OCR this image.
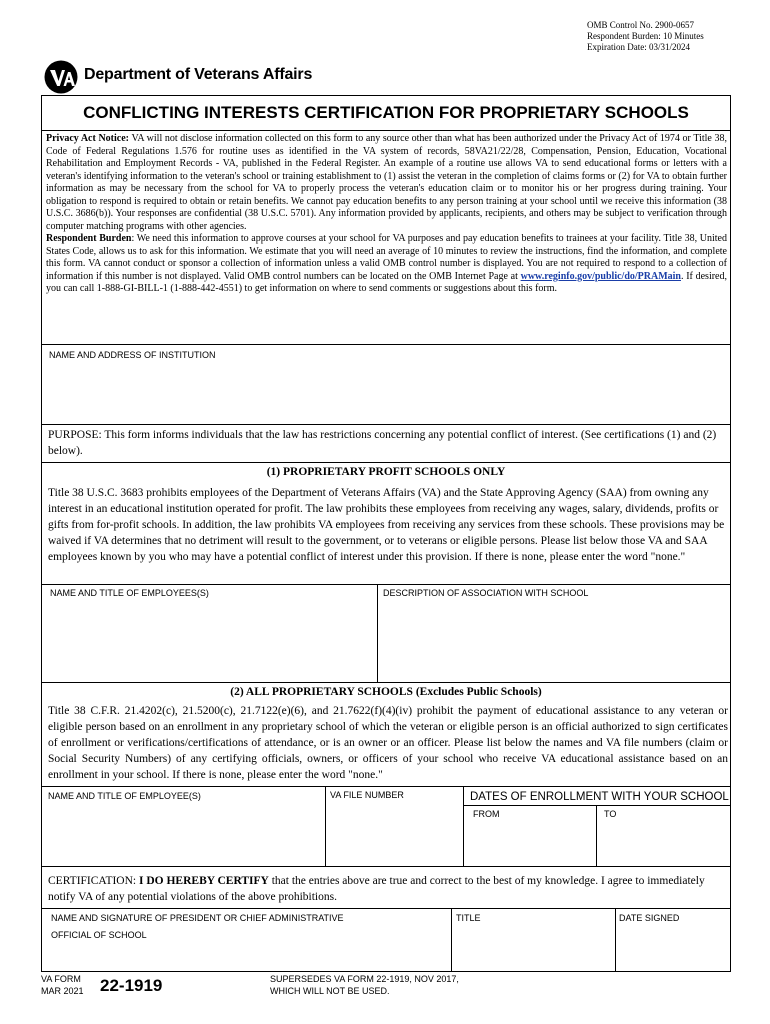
OMB Control No. 2900-0657
Respondent Burden: 10 Minutes
Expiration Date: 03/31/2024
Department of Veterans Affairs
CONFLICTING INTERESTS CERTIFICATION FOR PROPRIETARY SCHOOLS
Privacy Act Notice: VA will not disclose information collected on this form to any source other than what has been authorized under the Privacy Act of 1974 or Title 38, Code of Federal Regulations 1.576 for routine uses as identified in the VA system of records, 58VA21/22/28, Compensation, Pension, Education, Vocational Rehabilitation and Employment Records - VA, published in the Federal Register. An example of a routine use allows VA to send educational forms or letters with a veteran's identifying information to the veteran's school or training establishment to (1) assist the veteran in the completion of claims forms or (2) for VA to obtain further information as may be necessary from the school for VA to properly process the veteran's education claim or to monitor his or her progress during training. Your obligation to respond is required to obtain or retain benefits. We cannot pay education benefits to any person training at your school until we receive this information (38 U.S.C. 3686(b)). Your responses are confidential (38 U.S.C. 5701). Any information provided by applicants, recipients, and others may be subject to verification through computer matching programs with other agencies.
Respondent Burden: We need this information to approve courses at your school for VA purposes and pay education benefits to trainees at your facility. Title 38, United States Code, allows us to ask for this information. We estimate that you will need an average of 10 minutes to review the instructions, find the information, and complete this form. VA cannot conduct or sponsor a collection of information unless a valid OMB control number is displayed. You are not required to respond to a collection of information if this number is not displayed. Valid OMB control numbers can be located on the OMB Internet Page at www.reginfo.gov/public/do/PRAMain. If desired, you can call 1-888-GI-BILL-1 (1-888-442-4551) to get information on where to send comments or suggestions about this form.
NAME AND ADDRESS OF INSTITUTION
PURPOSE: This form informs individuals that the law has restrictions concerning any potential conflict of interest. (See certifications (1) and (2) below).
(1) PROPRIETARY PROFIT SCHOOLS ONLY
Title 38 U.S.C. 3683 prohibits employees of the Department of Veterans Affairs (VA) and the State Approving Agency (SAA) from owning any interest in an educational institution operated for profit. The law prohibits these employees from receiving any wages, salary, dividends, profits or gifts from for-profit schools. In addition, the law prohibits VA employees from receiving any services from these schools. These provisions may be waived if VA determines that no detriment will result to the government, or to veterans or eligible persons. Please list below those VA and SAA employees known by you who may have a potential conflict of interest under this provision. If there is none, please enter the word "none."
NAME AND TITLE OF EMPLOYEES(S)	DESCRIPTION OF ASSOCIATION WITH SCHOOL
(2) ALL PROPRIETARY SCHOOLS (Excludes Public Schools)
Title 38 C.F.R. 21.4202(c), 21.5200(c), 21.7122(e)(6), and 21.7622(f)(4)(iv) prohibit the payment of educational assistance to any veteran or eligible person based on an enrollment in any proprietary school of which the veteran or eligible person is an official authorized to sign certificates of enrollment or verifications/certifications of attendance, or is an owner or an officer. Please list below the names and VA file numbers (claim or Social Security Numbers) of any certifying officials, owners, or officers of your school who receive VA educational assistance based on an enrollment in your school. If there is none, please enter the word "none."
NAME AND TITLE OF EMPLOYEE(S)	VA FILE NUMBER	DATES OF ENROLLMENT WITH YOUR SCHOOL
FROM	TO
CERTIFICATION: I DO HEREBY CERTIFY that the entries above are true and correct to the best of my knowledge. I agree to immediately notify VA of any potential violations of the above prohibitions.
NAME AND SIGNATURE OF PRESIDENT OR CHIEF ADMINISTRATIVE
OFFICIAL OF SCHOOL
TITLE	DATE SIGNED
VA FORM
MAR 2021 22-1919	SUPERSEDES VA FORM 22-1919, NOV 2017,
WHICH WILL NOT BE USED.
